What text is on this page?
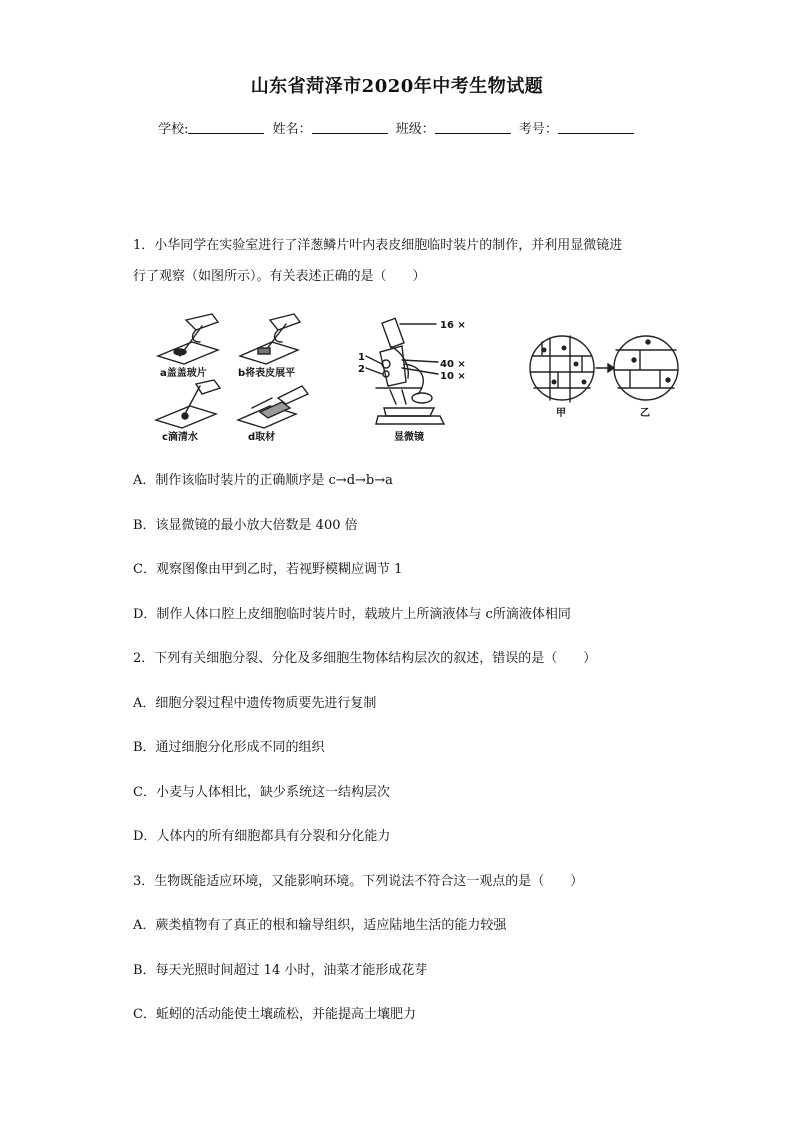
山东省菏泽市2020年中考生物试题
学校:	姓名：	班级：	考号：
1．小华同学在实验室进行了洋葱鳞片叶内表皮细胞临时装片的制作，并利用显微镜进
行了观察（如图所示）。有关表述正确的是（　　）
a盖盖玻片	b将表皮展平
c滴清水	d取材	显微镜
16 ×
40 ×
10 ×
1
2
甲	乙
A．制作该临时装片的正确顺序是 c→d→b→a
B．该显微镜的最小放大倍数是 400 倍
C．观察图像由甲到乙时，若视野模糊应调节 1
D．制作人体口腔上皮细胞临时装片时，载玻片上所滴液体与 c所滴液体相同
2．下列有关细胞分裂、分化及多细胞生物体结构层次的叙述，错误的是（　　）
A．细胞分裂过程中遗传物质要先进行复制
B．通过细胞分化形成不同的组织
C．小麦与人体相比，缺少系统这一结构层次
D．人体内的所有细胞都具有分裂和分化能力
3．生物既能适应环境，又能影响环境。下列说法不符合这一观点的是（　　）
A．蕨类植物有了真正的根和输导组织，适应陆地生活的能力较强
B．每天光照时间超过 14 小时，油菜才能形成花芽
C．蚯蚓的活动能使土壤疏松，并能提高土壤肥力
